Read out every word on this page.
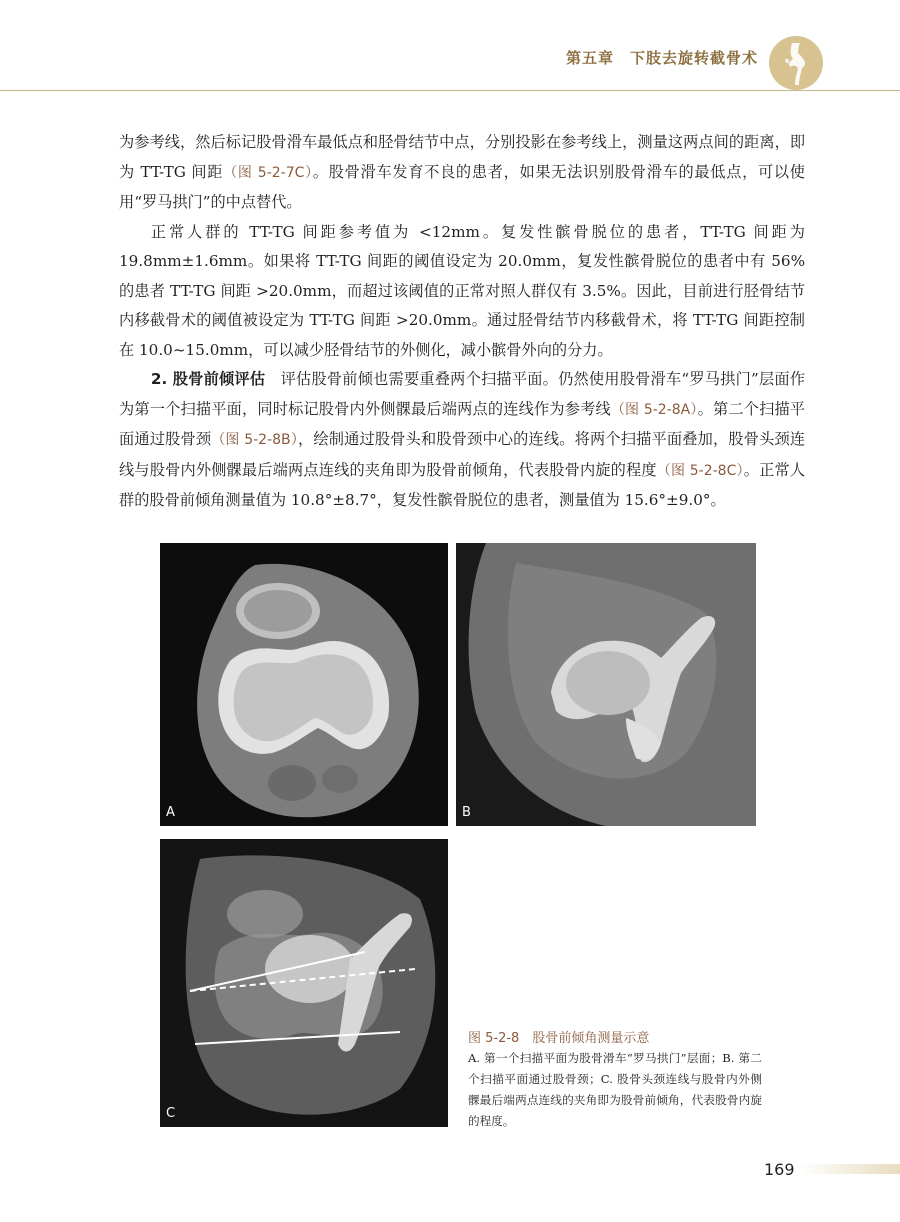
第五章　下肢去旋转截骨术

为参考线，然后标记股骨滑车最低点和胫骨结节中点，分别投影在参考线上，测量这两点间的距离，即为 TT-TG 间距（图 5-2-7C）。股骨滑车发育不良的患者，如果无法识别股骨滑车的最低点，可以使用“罗马拱门”的中点替代。

正常人群的 TT-TG 间距参考值为 <12mm。复发性髌骨脱位的患者，TT-TG 间距为 19.8mm±1.6mm。如果将 TT-TG 间距的阈值设定为 20.0mm，复发性髌骨脱位的患者中有 56% 的患者 TT-TG 间距 >20.0mm，而超过该阈值的正常对照人群仅有 3.5%。因此，目前进行胫骨结节内移截骨术的阈值被设定为 TT-TG 间距 >20.0mm。通过胫骨结节内移截骨术，将 TT-TG 间距控制在 10.0~15.0mm，可以减少胫骨结节的外侧化，减小髌骨外向的分力。

2. 股骨前倾评估　评估股骨前倾也需要重叠两个扫描平面。仍然使用股骨滑车“罗马拱门”层面作为第一个扫描平面，同时标记股骨内外侧髁最后端两点的连线作为参考线（图 5-2-8A）。第二个扫描平面通过股骨颈（图 5-2-8B），绘制通过股骨头和股骨颈中心的连线。将两个扫描平面叠加，股骨头颈连线与股骨内外侧髁最后端两点连线的夹角即为股骨前倾角，代表股骨内旋的程度（图 5-2-8C）。正常人群的股骨前倾角测量值为 10.8°±8.7°，复发性髌骨脱位的患者，测量值为 15.6°±9.0°。

A	B
C
图 5-2-8　股骨前倾角测量示意
A. 第一个扫描平面为股骨滑车“罗马拱门”层面；B. 第二个扫描平面通过股骨颈；C. 股骨头颈连线与股骨内外侧髁最后端两点连线的夹角即为股骨前倾角，代表股骨内旋的程度。
169
